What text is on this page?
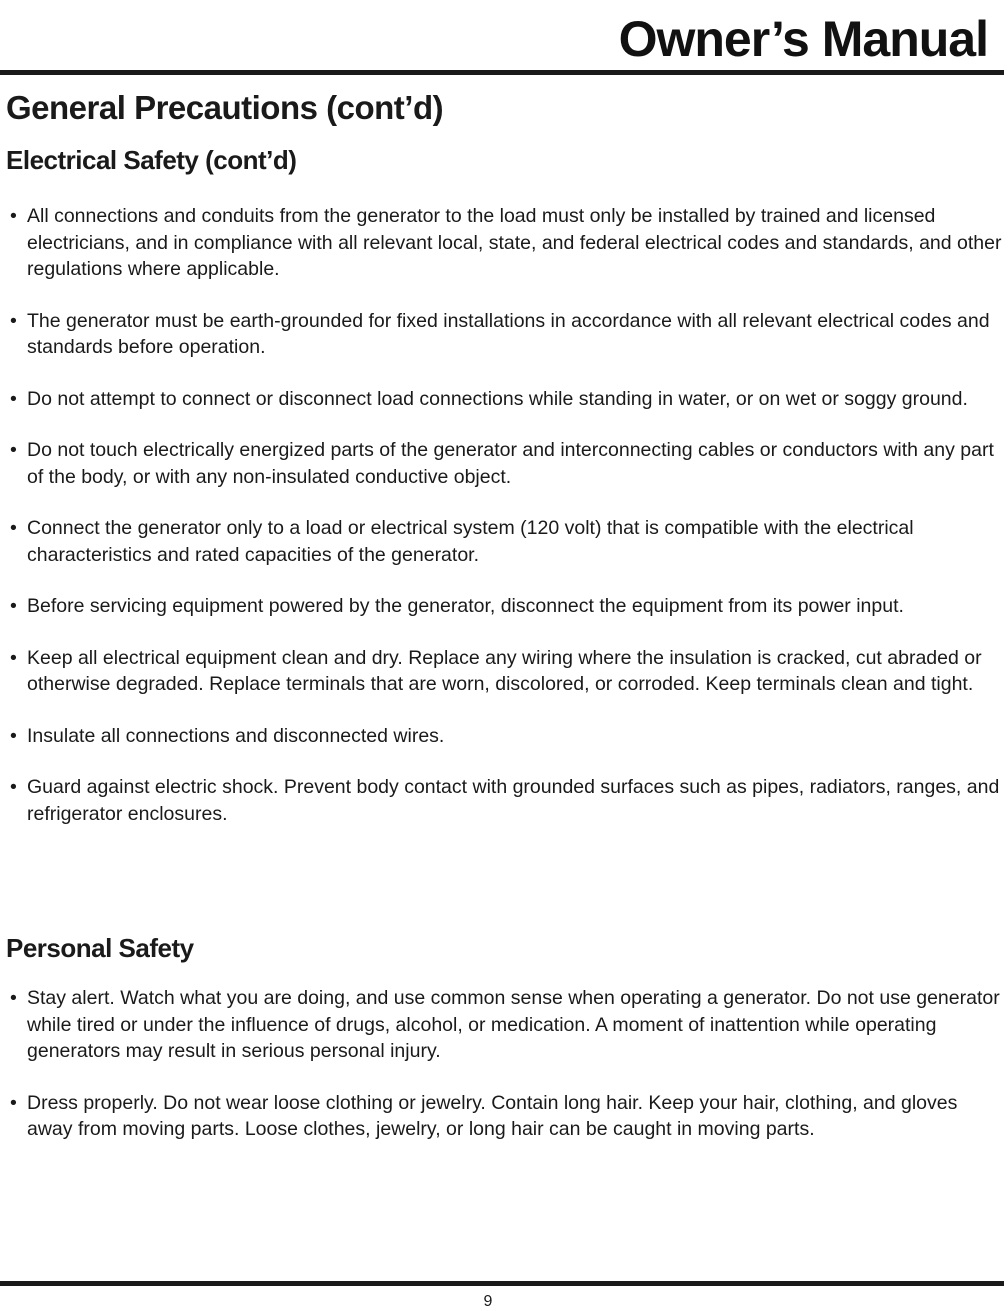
Owner’s Manual
General Precautions (cont’d)
Electrical Safety (cont’d)
• All connections and conduits from the generator to the load must only be installed by trained and licensed electricians, and in compliance with all relevant local, state, and federal electrical codes and standards, and other regulations where applicable.
• The generator must be earth-grounded for fixed installations in accordance with all relevant electrical codes and standards before operation.
• Do not attempt to connect or disconnect load connections while standing in water, or on wet or soggy ground.
• Do not touch electrically energized parts of the generator and interconnecting cables or conductors with any part of the body, or with any non-insulated conductive object.
• Connect the generator only to a load or electrical system (120 volt) that is compatible with the electrical characteristics and rated capacities of the generator.
• Before servicing equipment powered by the generator, disconnect the equipment from its power input.
• Keep all electrical equipment clean and dry. Replace any wiring where the insulation is cracked, cut abraded or otherwise degraded. Replace terminals that are worn, discolored, or corroded. Keep terminals clean and tight.
• Insulate all connections and disconnected wires.
• Guard against electric shock. Prevent body contact with grounded surfaces such as pipes, radiators, ranges, and refrigerator enclosures.
Personal Safety
• Stay alert. Watch what you are doing, and use common sense when operating a generator. Do not use generator while tired or under the influence of drugs, alcohol, or medication. A moment of inattention while operating generators may result in serious personal injury.
• Dress properly. Do not wear loose clothing or jewelry. Contain long hair. Keep your hair, clothing, and gloves away from moving parts. Loose clothes, jewelry, or long hair can be caught in moving parts.
9
